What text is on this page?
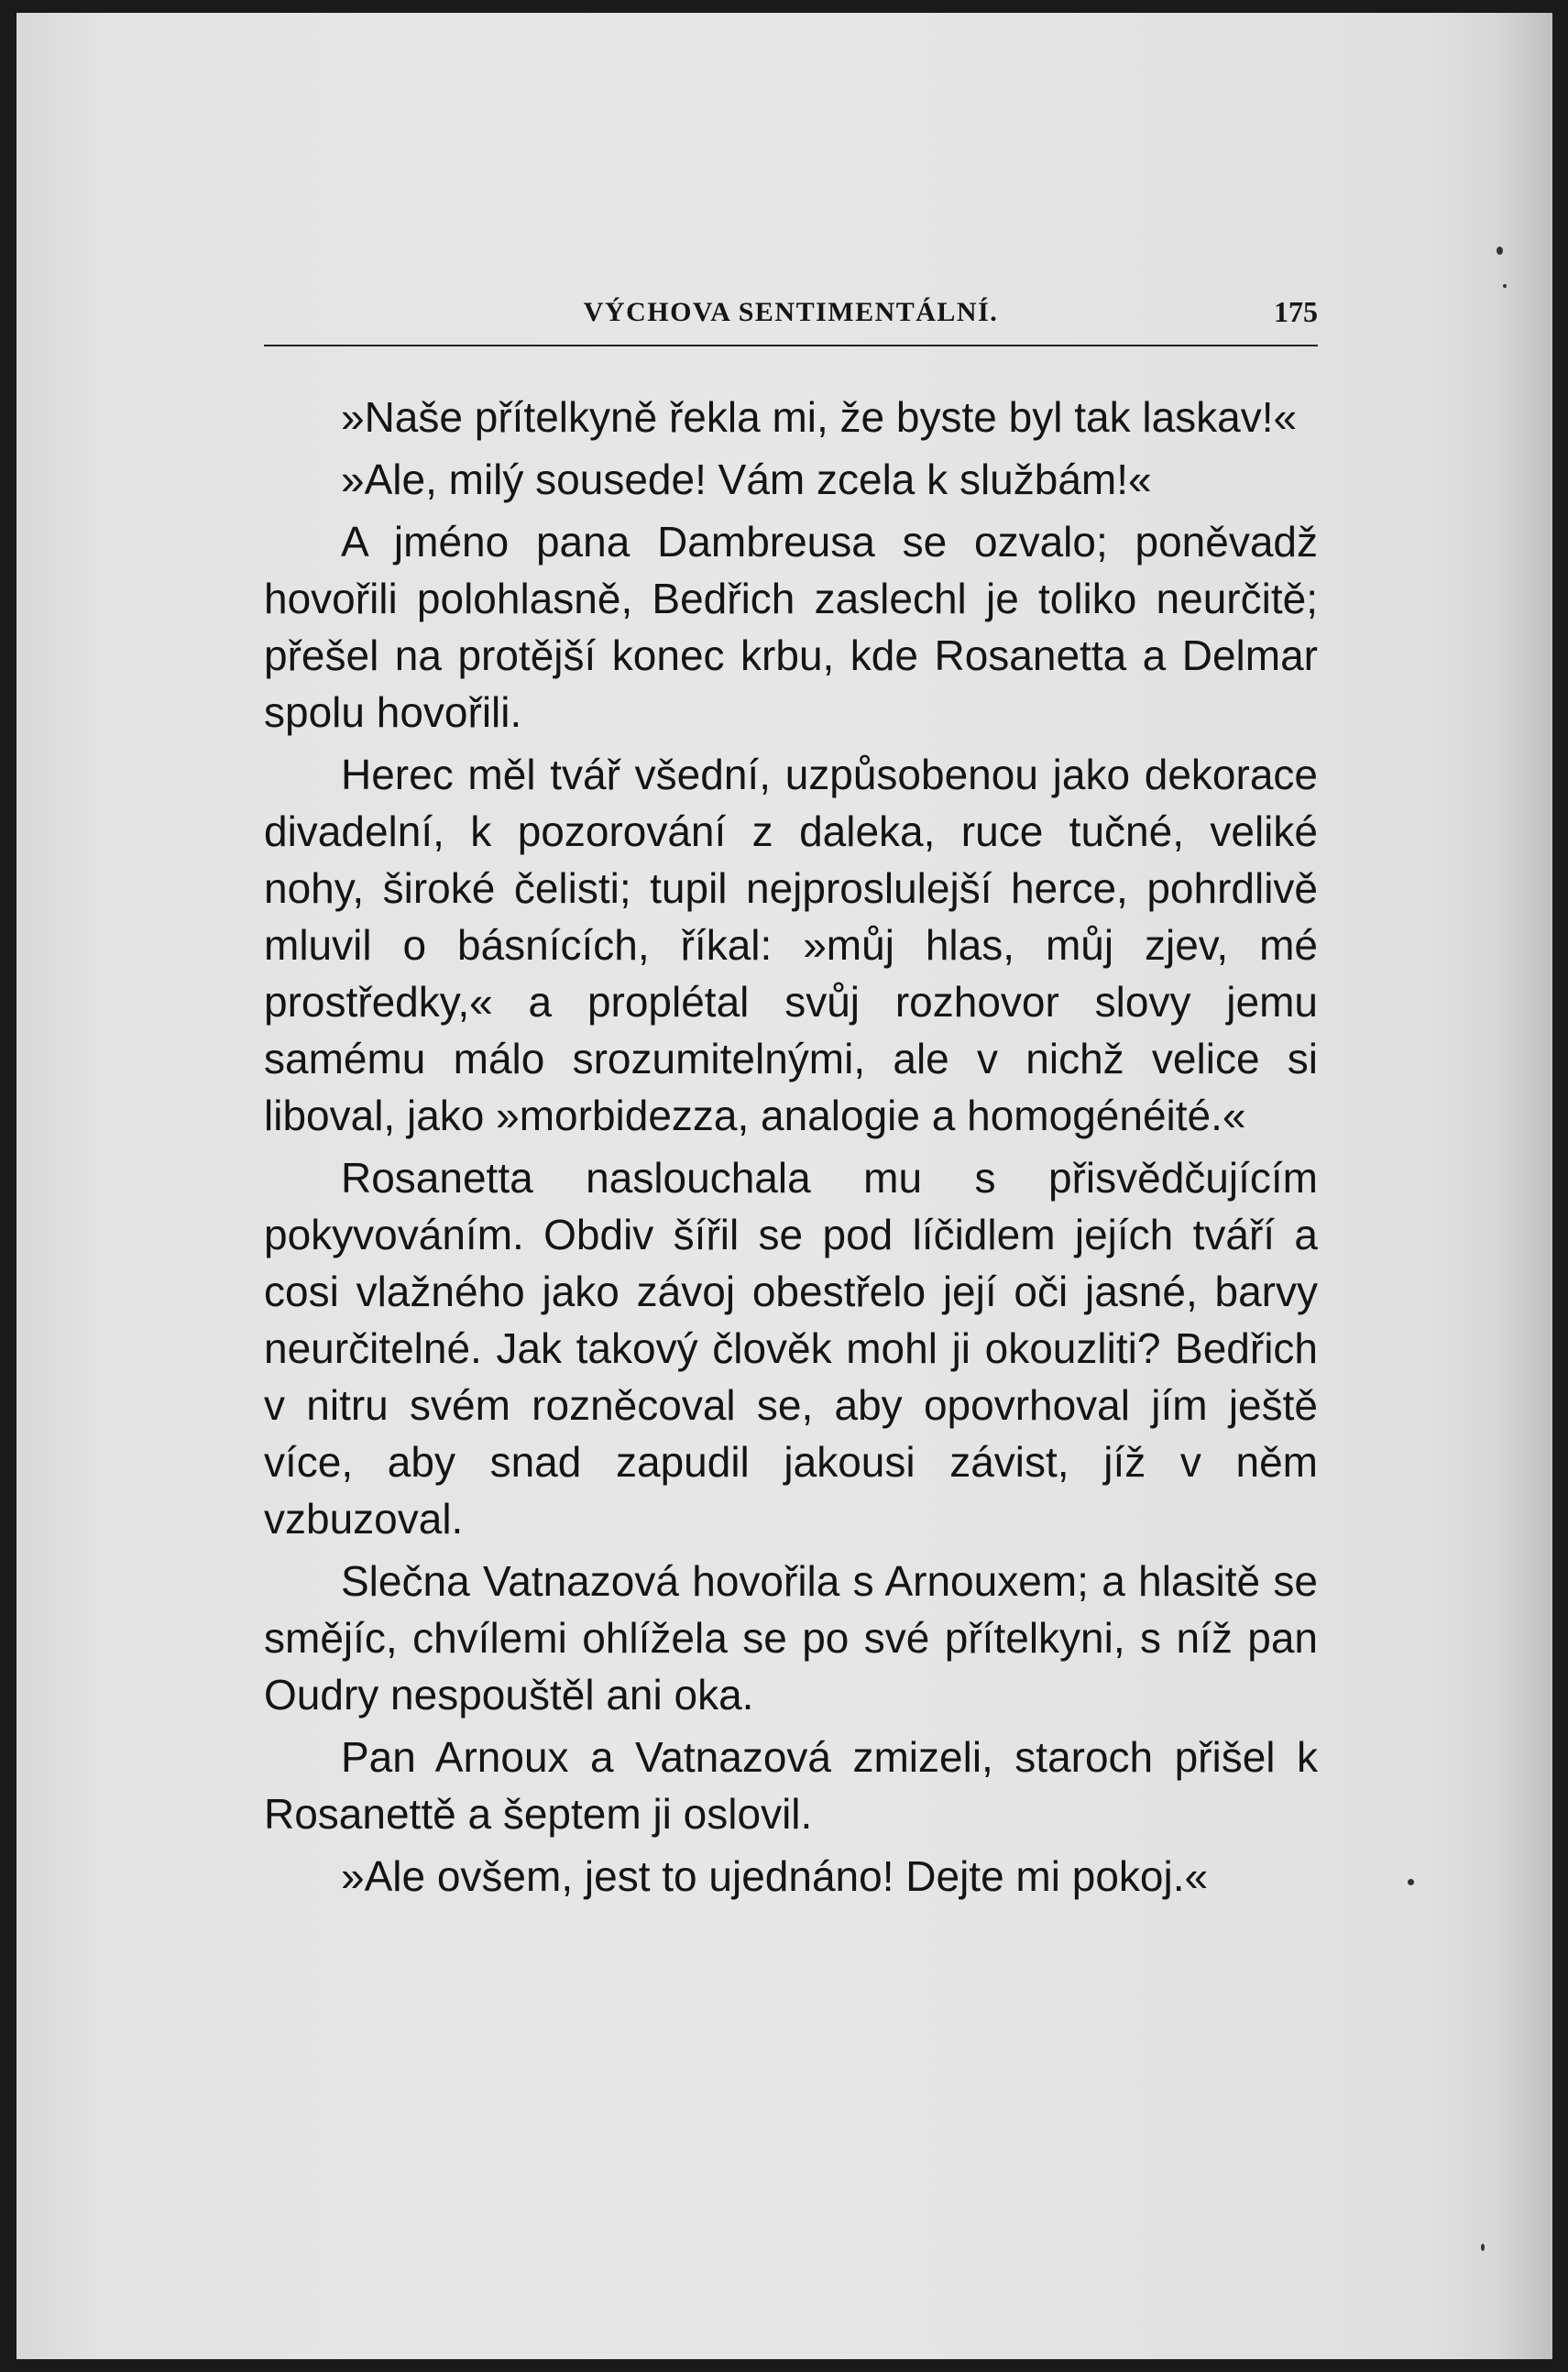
VÝCHOVA SENTIMENTÁLNÍ.	175

»Naše přítelkyně řekla mi, že byste byl tak laskav!«

»Ale, milý sousede! Vám zcela k službám!«

A jméno pana Dambreusa se ozvalo; poněvadž hovořili polohlasně, Bedřich zaslechl je toliko neurčitě; přešel na protější konec krbu, kde Rosanetta a Delmar spolu hovořili.

Herec měl tvář všední, uzpůsobenou jako dekorace divadelní, k pozorování z daleka, ruce tučné, veliké nohy, široké čelisti; tupil nejproslulejší herce, pohrdlivě mluvil o básnících, říkal: »můj hlas, můj zjev, mé prostředky,« a proplétal svůj rozhovor slovy jemu samému málo srozumitelnými, ale v nichž velice si liboval, jako »morbidezza, analogie a homogénéité.«

Rosanetta naslouchala mu s přisvědčujícím pokyvováním. Obdiv šířil se pod líčidlem jejích tváří a cosi vlažného jako závoj obestřelo její oči jasné, barvy neurčitelné. Jak takový člověk mohl ji okouzliti? Bedřich v nitru svém rozněcoval se, aby opovrhoval jím ještě více, aby snad zapudil jakousi závist, jíž v něm vzbuzoval.

Slečna Vatnazová hovořila s Arnouxem; a hlasitě se smějíc, chvílemi ohlížela se po své přítelkyni, s níž pan Oudry nespouštěl ani oka.

Pan Arnoux a Vatnazová zmizeli, staroch přišel k Rosanettě a šeptem ji oslovil.

»Ale ovšem, jest to ujednáno! Dejte mi pokoj.«
